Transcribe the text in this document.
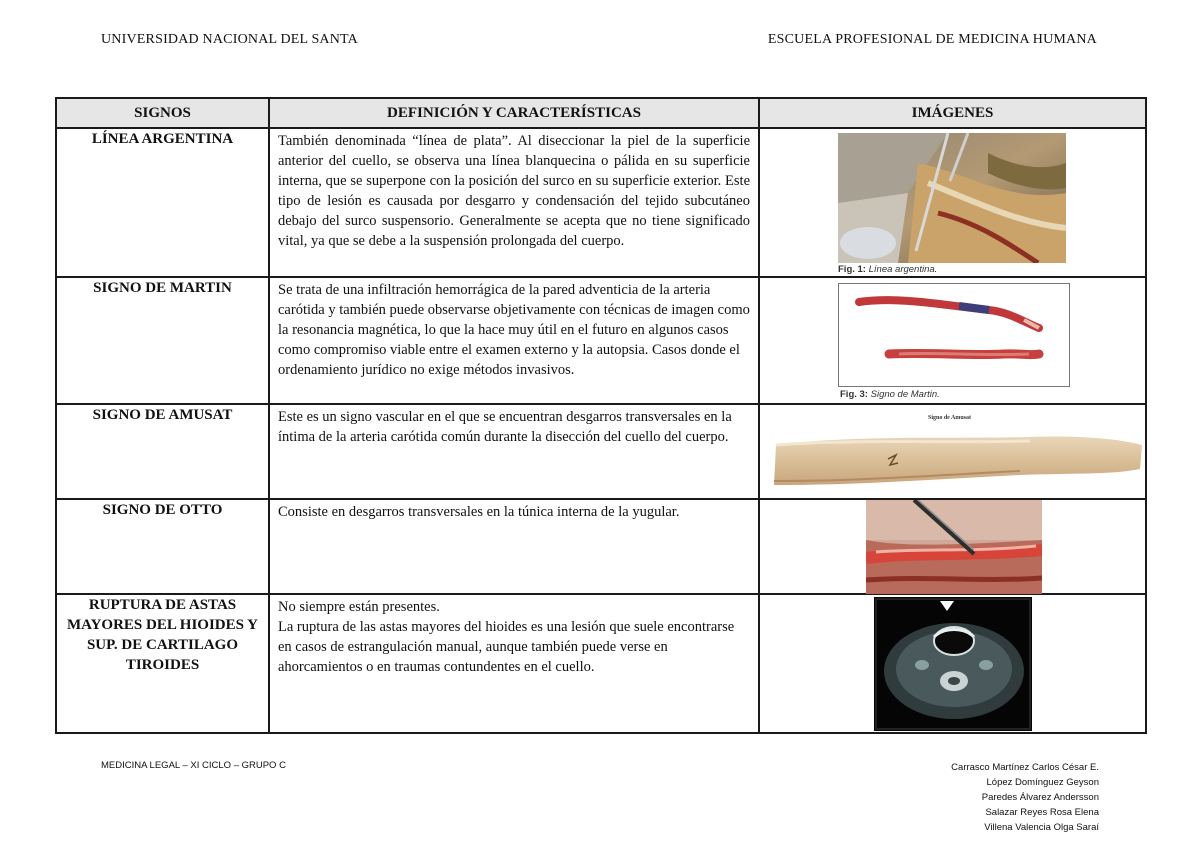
UNIVERSIDAD NACIONAL DEL SANTA	ESCUELA PROFESIONAL DE MEDICINA HUMANA
SIGNOS	DEFINICIÓN Y CARACTERÍSTICAS	IMÁGENES
LÍNEA ARGENTINA	También denominada “línea de plata”. Al diseccionar la piel de la superficie anterior del cuello, se observa una línea blanquecina o pálida en su superficie interna, que se superpone con la posición del surco en su superficie exterior. Este tipo de lesión es causada por desgarro y condensación del tejido subcutáneo debajo del surco suspensorio. Generalmente se acepta que no tiene significado vital, ya que se debe a la suspensión prolongada del cuerpo.	Fig. 1: Línea argentina.

SIGNO DE MARTIN	Se trata de una infiltración hemorrágica de la pared adventicia de la arteria carótida y también puede observarse objetivamente con técnicas de imagen como la resonancia magnética, lo que la hace muy útil en el futuro en algunos casos como compromiso viable entre el examen externo y la autopsia. Casos donde el ordenamiento jurídico no exige métodos invasivos.	Fig. 3: Signo de Martin.

SIGNO DE AMUSAT	Este es un signo vascular en el que se encuentran desgarros transversales en la íntima de la arteria carótida común durante la disección del cuello del cuerpo.	Signo de Amusat

SIGNO DE OTTO	Consiste en desgarros transversales en la túnica interna de la yugular.

RUPTURA DE ASTAS MAYORES DEL HIOIDES Y SUP. DE CARTILAGO TIROIDES	No siempre están presentes.

La ruptura de las astas mayores del hioides es una lesión que suele encontrarse en casos de estrangulación manual, aunque también puede verse en ahorcamientos o en traumas contundentes en el cuello.

MEDICINA LEGAL – XI CICLO – GRUPO C	Carrasco Martínez Carlos César E.
López Domínguez Geyson
Paredes Álvarez Andersson
Salazar Reyes Rosa Elena
Villena Valencia Olga Saraí
